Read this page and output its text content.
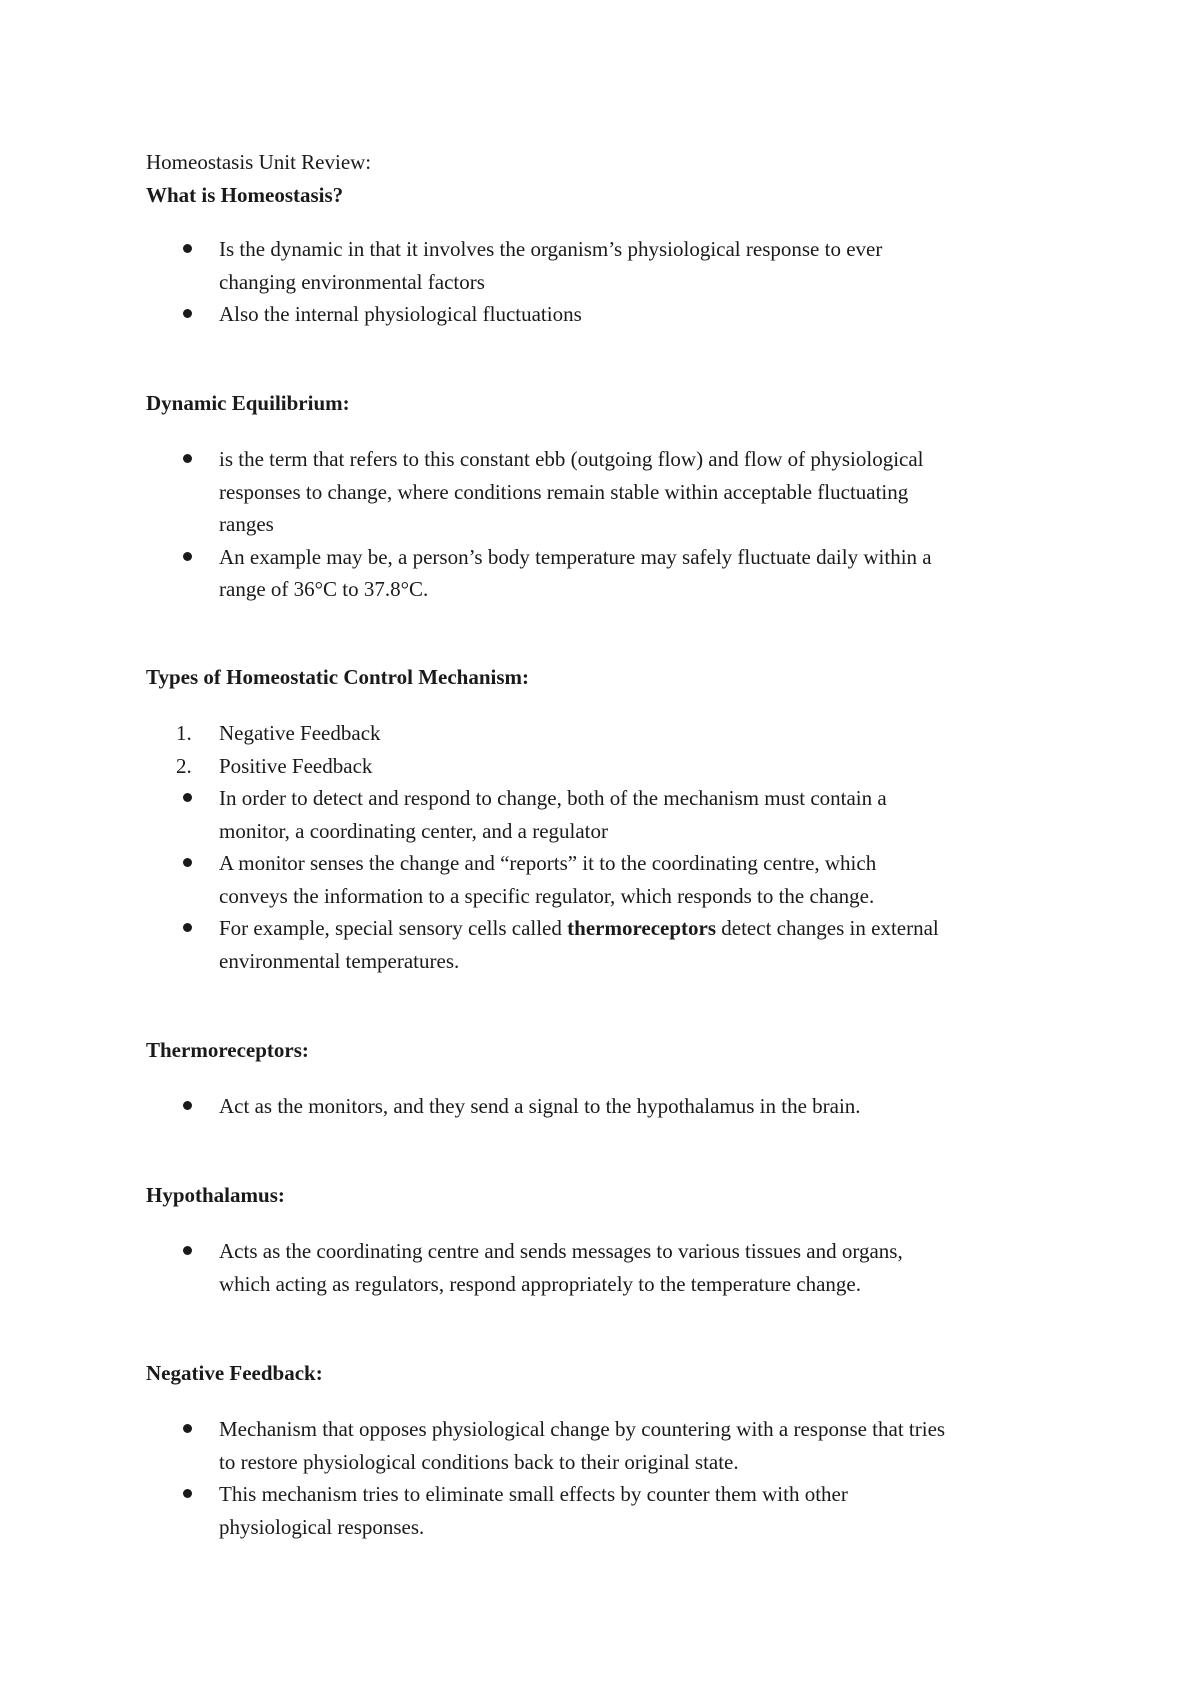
Homeostasis Unit Review:

What is Homeostasis?

Is the dynamic in that it involves the organism’s physiological response to ever
changing environmental factors
Also the internal physiological fluctuations

Dynamic Equilibrium:

is the term that refers to this constant ebb (outgoing flow) and flow of physiological
responses to change, where conditions remain stable within acceptable fluctuating
ranges
An example may be, a person’s body temperature may safely fluctuate daily within a
range of 36°C to 37.8°C.

Types of Homeostatic Control Mechanism:

1.	Negative Feedback
2.	Positive Feedback
In order to detect and respond to change, both of the mechanism must contain a
monitor, a coordinating center, and a regulator
A monitor senses the change and “reports” it to the coordinating centre, which
conveys the information to a specific regulator, which responds to the change.
For example, special sensory cells called thermoreceptors detect changes in external
environmental temperatures.

Thermoreceptors:

Act as the monitors, and they send a signal to the hypothalamus in the brain.

Hypothalamus:

Acts as the coordinating centre and sends messages to various tissues and organs,
which acting as regulators, respond appropriately to the temperature change.

Negative Feedback:

Mechanism that opposes physiological change by countering with a response that tries
to restore physiological conditions back to their original state.
This mechanism tries to eliminate small effects by counter them with other
physiological responses.
